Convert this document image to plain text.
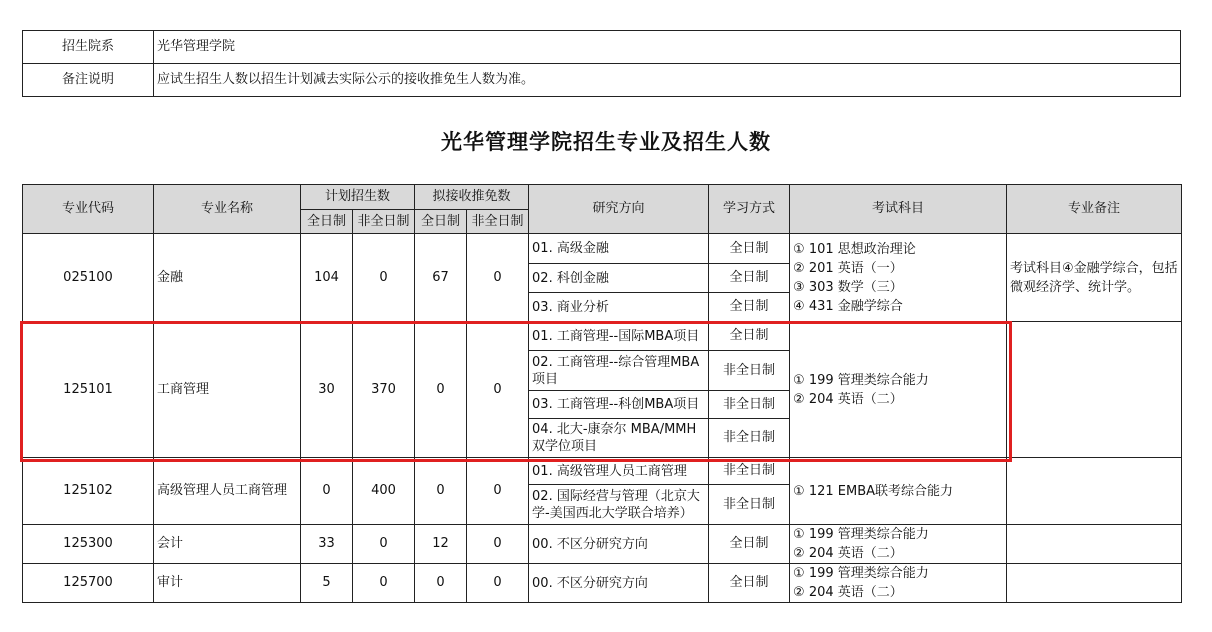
招生院系	光华管理学院
备注说明	应试生招生人数以招生计划减去实际公示的接收推免生人数为准。
光华管理学院招生专业及招生人数
专业代码	专业名称	计划招生数		拟接收推免数		研究方向	学习方式	考试科目	专业备注
		全日制	非全日制	全日制	非全日制				
025100	金融	104	0	67	0	01. 高级金融	全日制	① 101 思想政治理论
② 201 英语（一）
③ 303 数学（三）
④ 431 金融学综合	考试科目④金融学综合，包括微观经济学、统计学。
						02. 科创金融	全日制		
						03. 商业分析	全日制		
125101	工商管理	30	370	0	0	01. 工商管理--国际MBA项目	全日制	① 199 管理类综合能力
② 204 英语（二）	

						02. 工商管理--综合管理MBA项目	非全日制		
						03. 工商管理--科创MBA项目	非全日制		
						04. 北大-康奈尔 MBA/MMH 双学位项目	非全日制		
125102	高级管理人员工商管理	0	400	0	0	01. 高级管理人员工商管理	非全日制	① 121 EMBA联考综合能力	

						02. 国际经营与管理（北京大学-美国西北大学联合培养）	非全日制		
125300	会计	33	0	12	0	00. 不区分研究方向	全日制	① 199 管理类综合能力
② 204 英语（二）	

125700	审计	5	0	0	0	00. 不区分研究方向	全日制	① 199 管理类综合能力
② 204 英语（二）	
